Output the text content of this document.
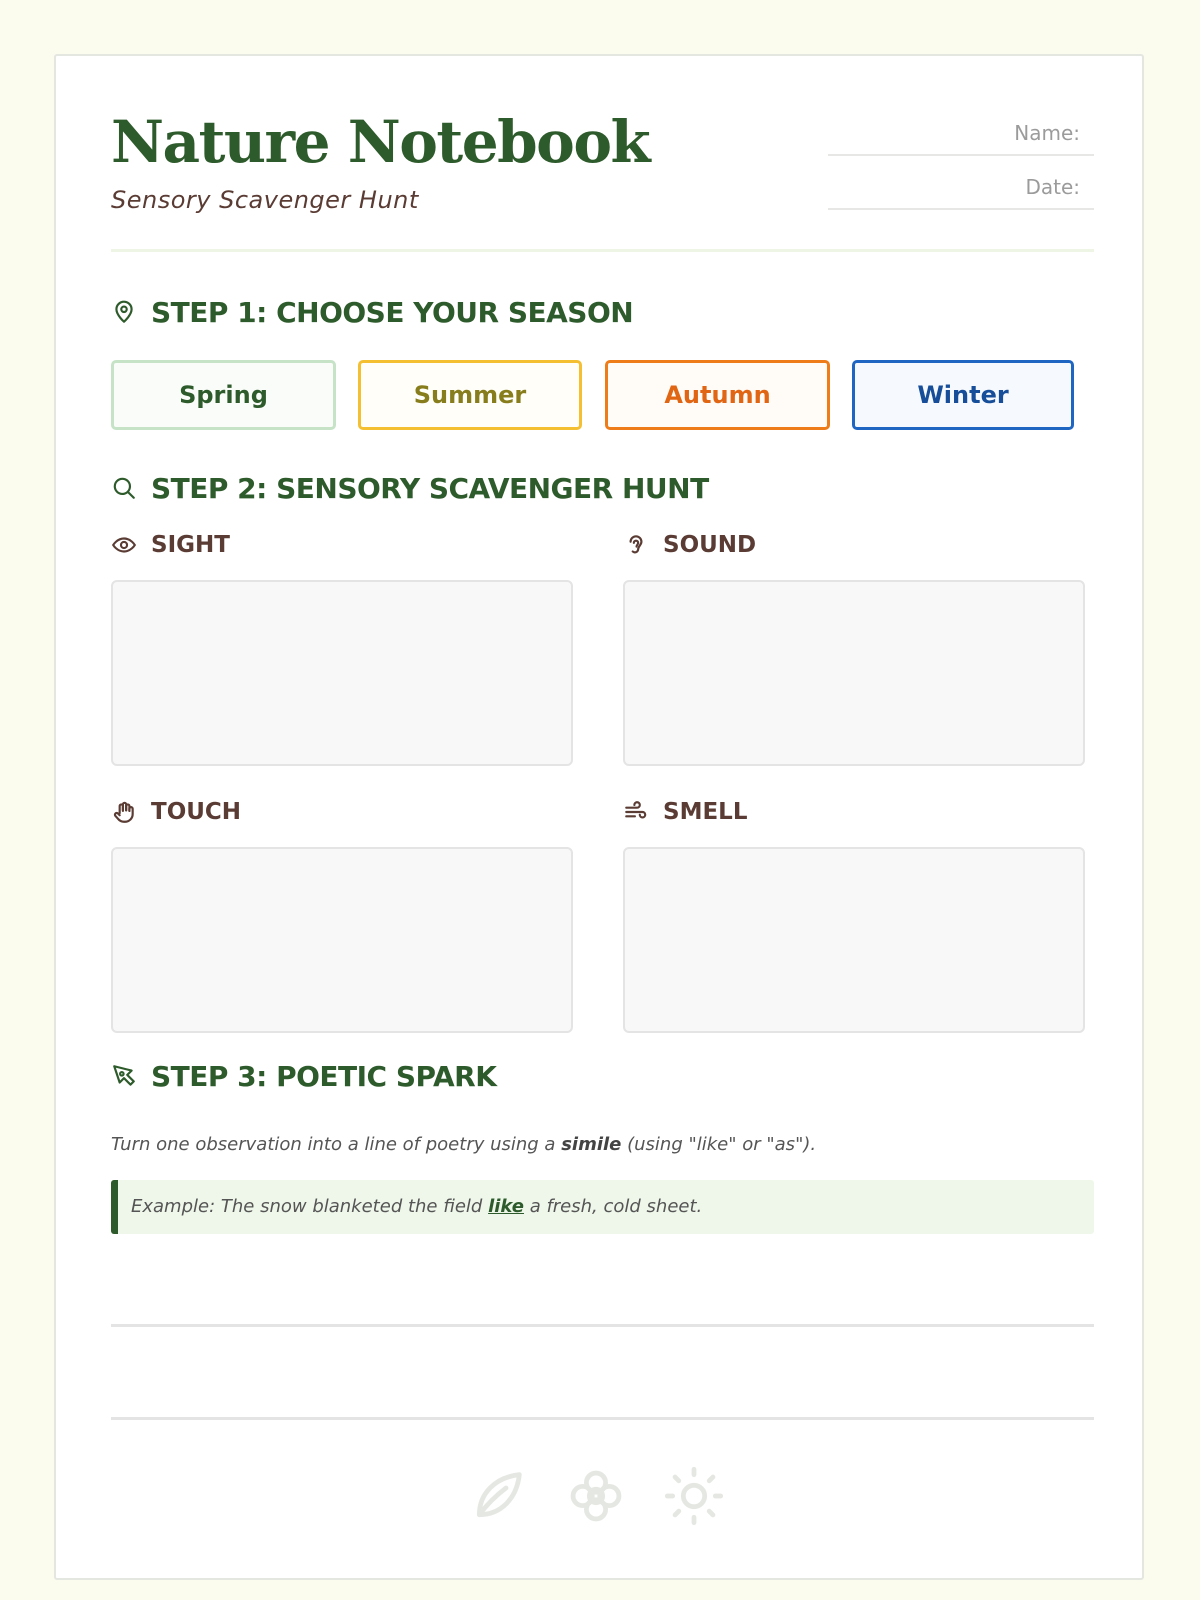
Nature Notebook
Sensory Scavenger Hunt
Name:
Date:
STEP 1: CHOOSE YOUR SEASON
Spring	Summer	Autumn	Winter
STEP 2: SENSORY SCAVENGER HUNT
SIGHT	SOUND
TOUCH	SMELL
STEP 3: POETIC SPARK
Turn one observation into a line of poetry using a simile (using "like" or "as").
Example: The snow blanketed the field like a fresh, cold sheet.
